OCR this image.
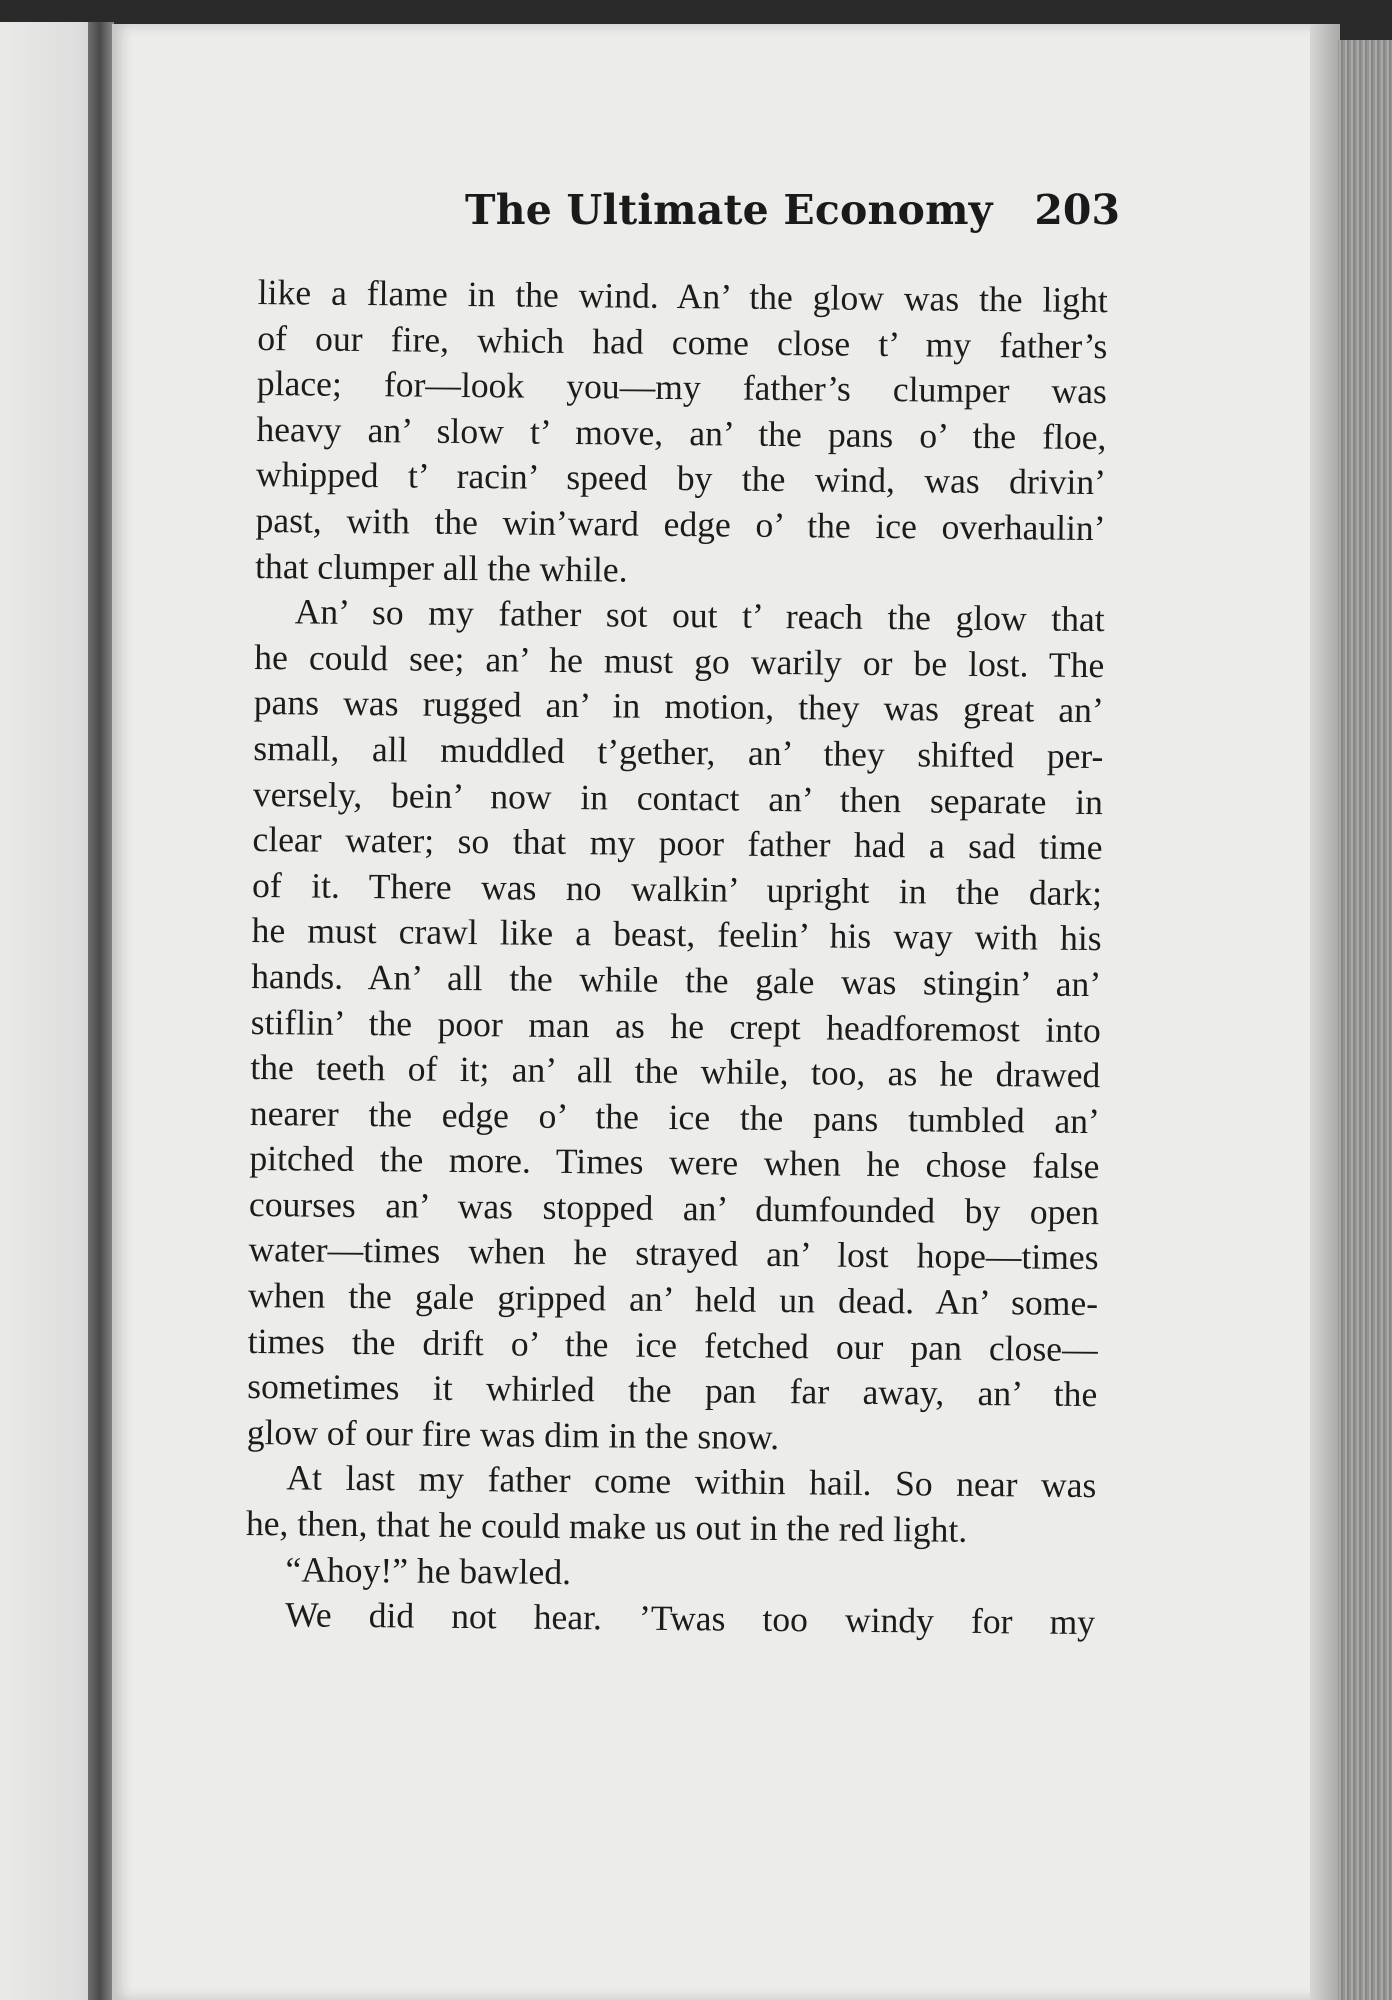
The Ultimate Economy 203
like a flame in the wind. An’ the glow was the light
of our fire, which had come close t’ my father’s
place; for—look you—my father’s clumper was
heavy an’ slow t’ move, an’ the pans o’ the floe,
whipped t’ racin’ speed by the wind, was drivin’
past, with the win’ward edge o’ the ice overhaulin’
that clumper all the while.
An’ so my father sot out t’ reach the glow that
he could see; an’ he must go warily or be lost. The
pans was rugged an’ in motion, they was great an’
small, all muddled t’gether, an’ they shifted per-
versely, bein’ now in contact an’ then separate in
clear water; so that my poor father had a sad time
of it. There was no walkin’ upright in the dark;
he must crawl like a beast, feelin’ his way with his
hands. An’ all the while the gale was stingin’ an’
stiflin’ the poor man as he crept headforemost into
the teeth of it; an’ all the while, too, as he drawed
nearer the edge o’ the ice the pans tumbled an’
pitched the more. Times were when he chose false
courses an’ was stopped an’ dumfounded by open
water—times when he strayed an’ lost hope—times
when the gale gripped an’ held un dead. An’ some-
times the drift o’ the ice fetched our pan close—
sometimes it whirled the pan far away, an’ the
glow of our fire was dim in the snow.
At last my father come within hail. So near was
he, then, that he could make us out in the red light.
“Ahoy!” he bawled.
We did not hear. ’Twas too windy for my
